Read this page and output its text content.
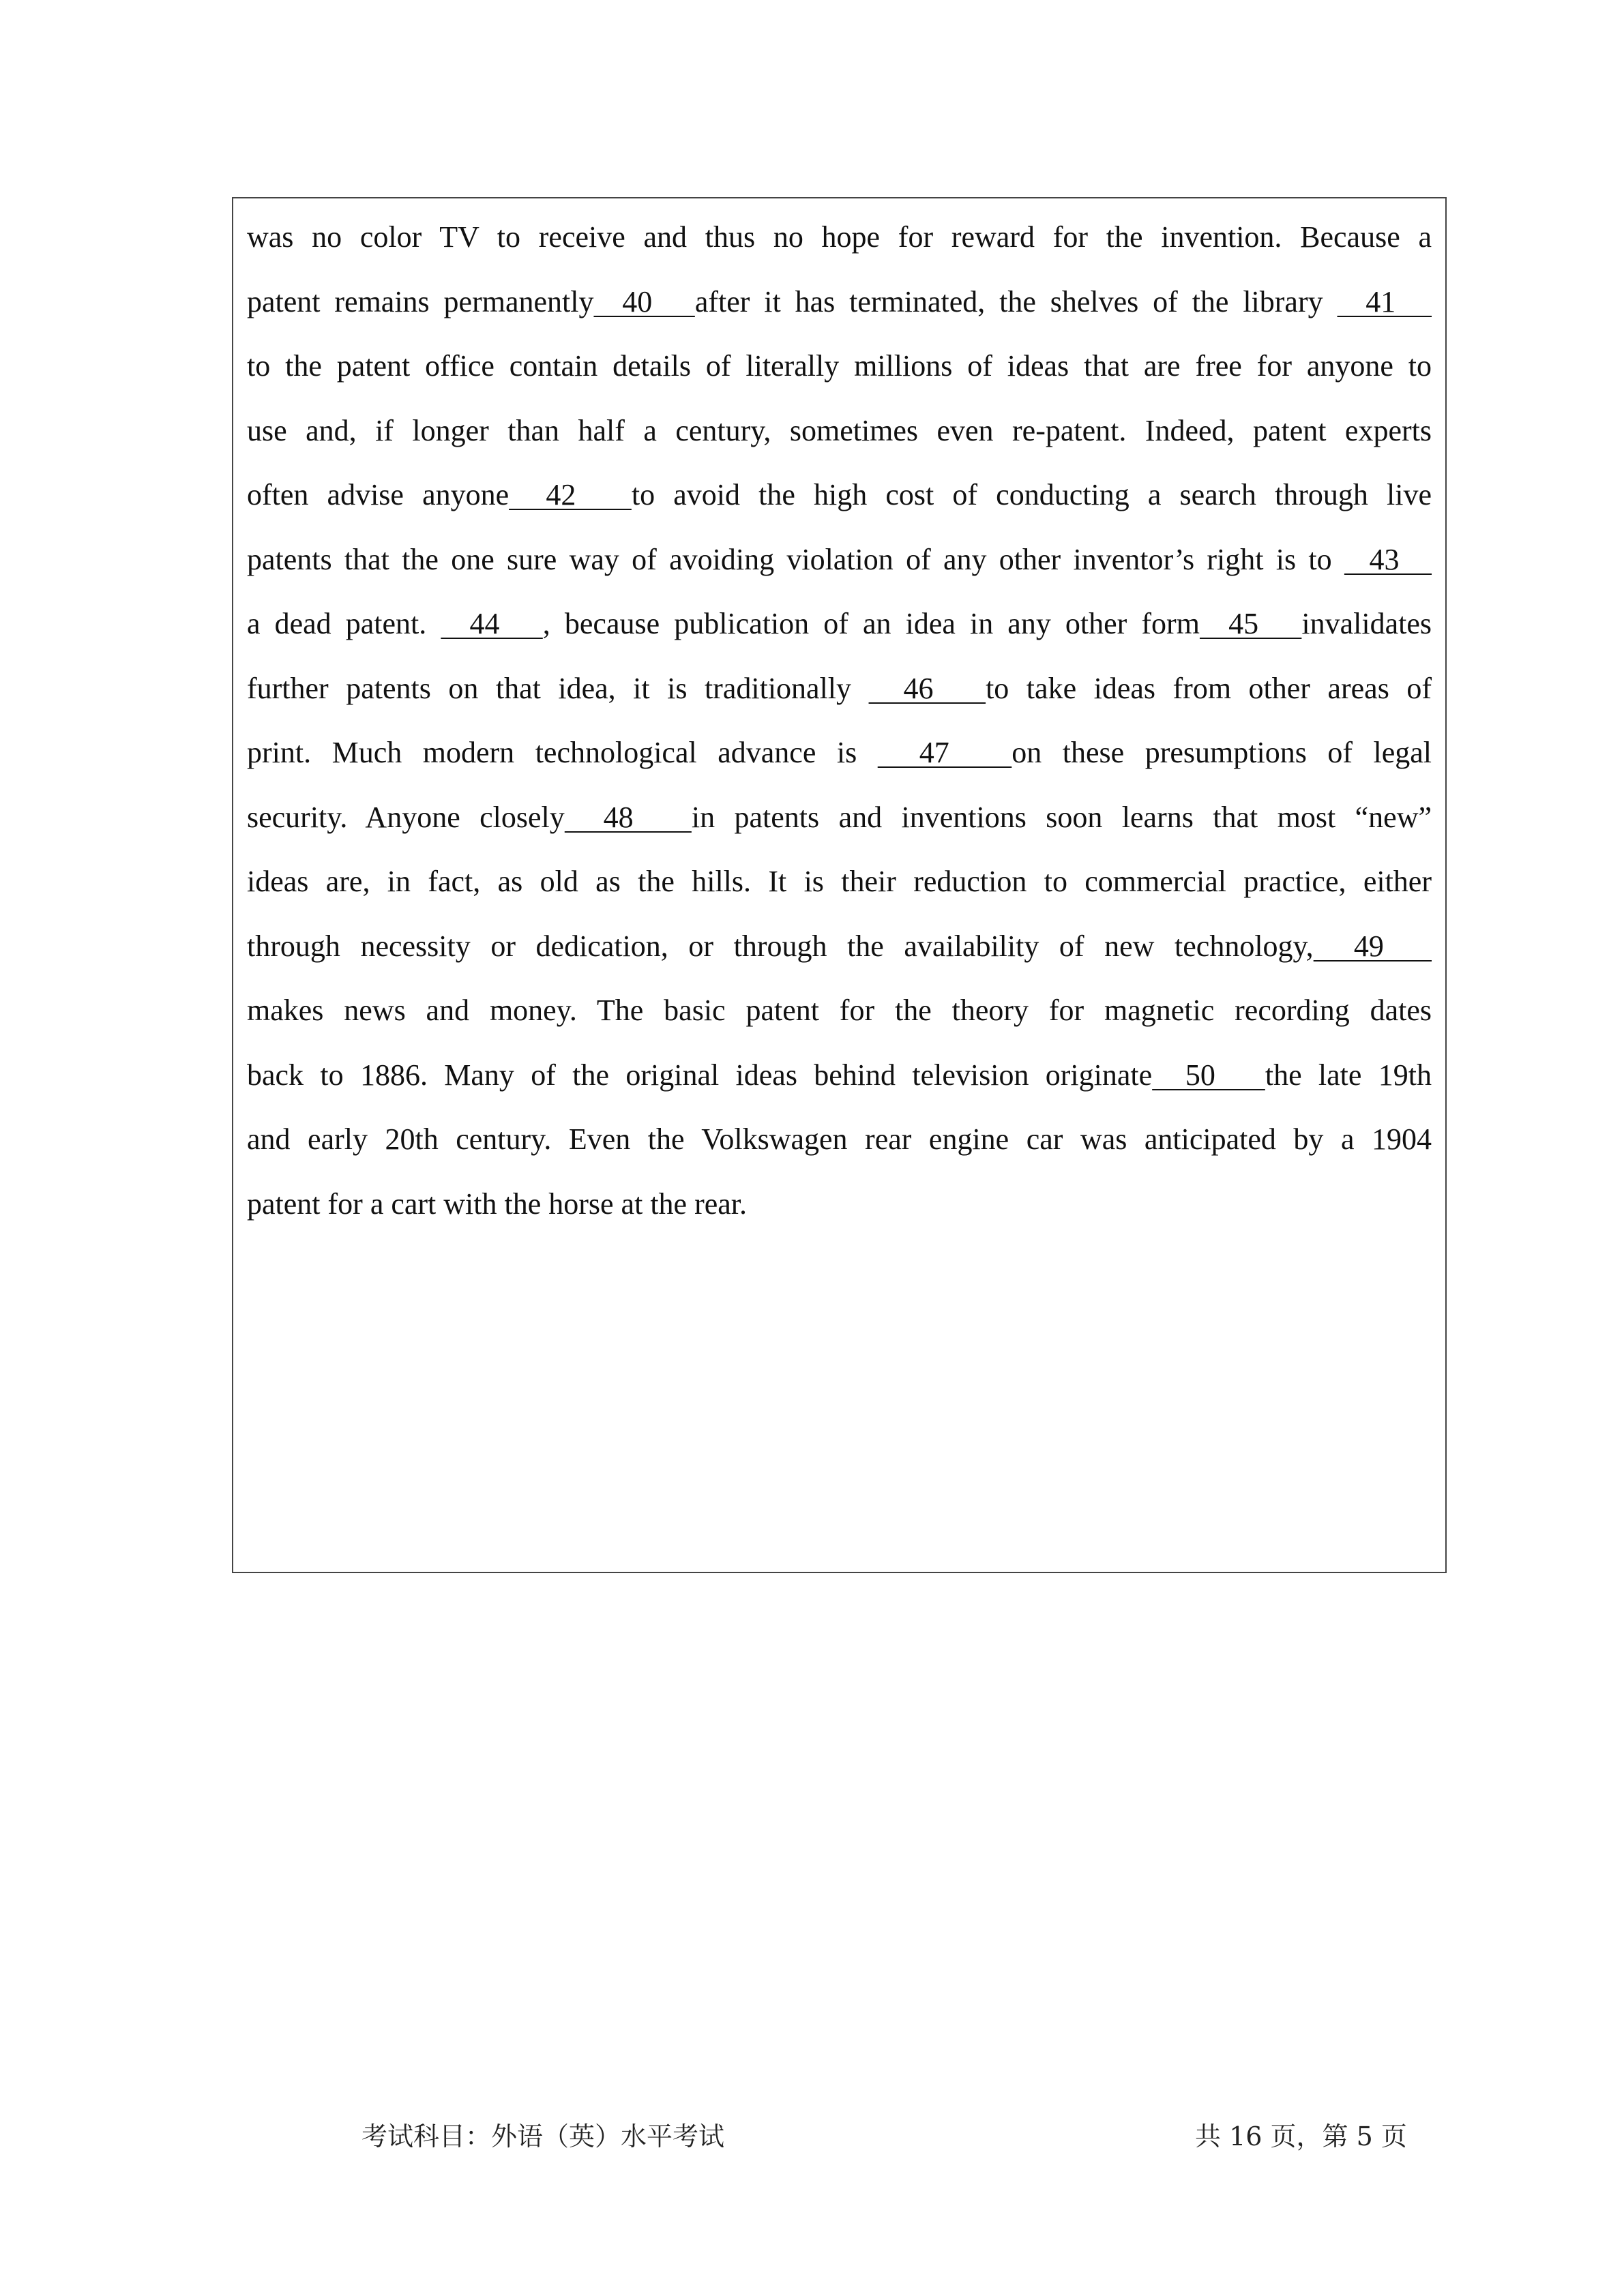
was no color TV to receive and thus no hope for reward for the invention. Because a
patent remains permanently  40   after it has terminated, the shelves of the library   41
to the patent office contain details of literally millions of ideas that are free for anyone to
use and, if longer than half a century, sometimes even re-patent. Indeed, patent experts
often advise anyone  42   to avoid the high cost of conducting a search through live
patents that the one sure way of avoiding violation of any other inventor’s right is to   43
a dead patent.   44   , because publication of an idea in any other form  45   invalidates
further patents on that idea, it is traditionally   46   to take ideas from other areas of
print. Much modern technological advance is   47   on these presumptions of legal
security. Anyone closely  48   in patents and inventions soon learns that most “new”
ideas are, in fact, as old as the hills. It is their reduction to commercial practice, either
through necessity or dedication, or through the availability of new technology,  49
makes news and money. The basic patent for the theory for magnetic recording dates
back to 1886. Many of the original ideas behind television originate  50   the late 19th
and early 20th century. Even the Volkswagen rear engine car was anticipated by a 1904
patent for a cart with the horse at the rear.
考试科目：外语（英）水平考试	共 16 页，第 5 页
